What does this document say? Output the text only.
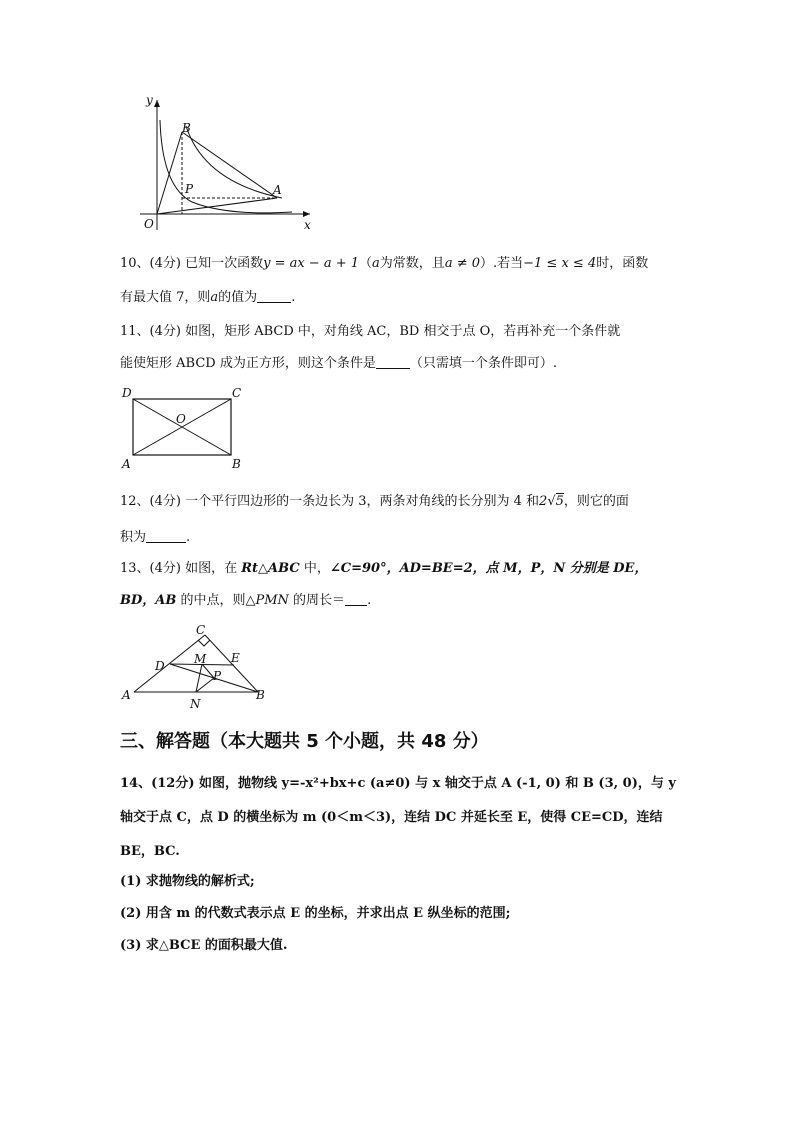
y
x
O
B
P	A
10、(4分) 已知一次函数y = ax − a + 1（a为常数，且a ≠ 0）.若当−1 ≤ x ≤ 4时，函数
有最大值 7，则a的值为	.
11、(4分) 如图，矩形 ABCD 中，对角线 AC，BD 相交于点 O，若再补充一个条件就
能使矩形 ABCD 成为正方形，则这个条件是	（只需填一个条件即可）.
D	C
O
A	B
12、(4分) 一个平行四边形的一条边长为 3，两条对角线的长分别为 4 和2√5，则它的面
积为	.
13、(4分) 如图，在 Rt△ABC 中，∠C=90°，AD=BE=2，点 M，P，N 分别是 DE，
BD，AB 的中点，则△PMN 的周长＝ .
C
M E
D
P
A	B
N
三、解答题（本大题共 5 个小题，共 48 分）
14、(12分) 如图，抛物线 y=-x²+bx+c (a≠0) 与 x 轴交于点 A (-1, 0) 和 B (3, 0)，与 y
轴交于点 C，点 D 的横坐标为 m (0＜m＜3)，连结 DC 并延长至 E，使得 CE=CD，连结
BE，BC.
(1) 求抛物线的解析式;
(2) 用含 m 的代数式表示点 E 的坐标，并求出点 E 纵坐标的范围;
(3) 求△BCE 的面积最大值.
